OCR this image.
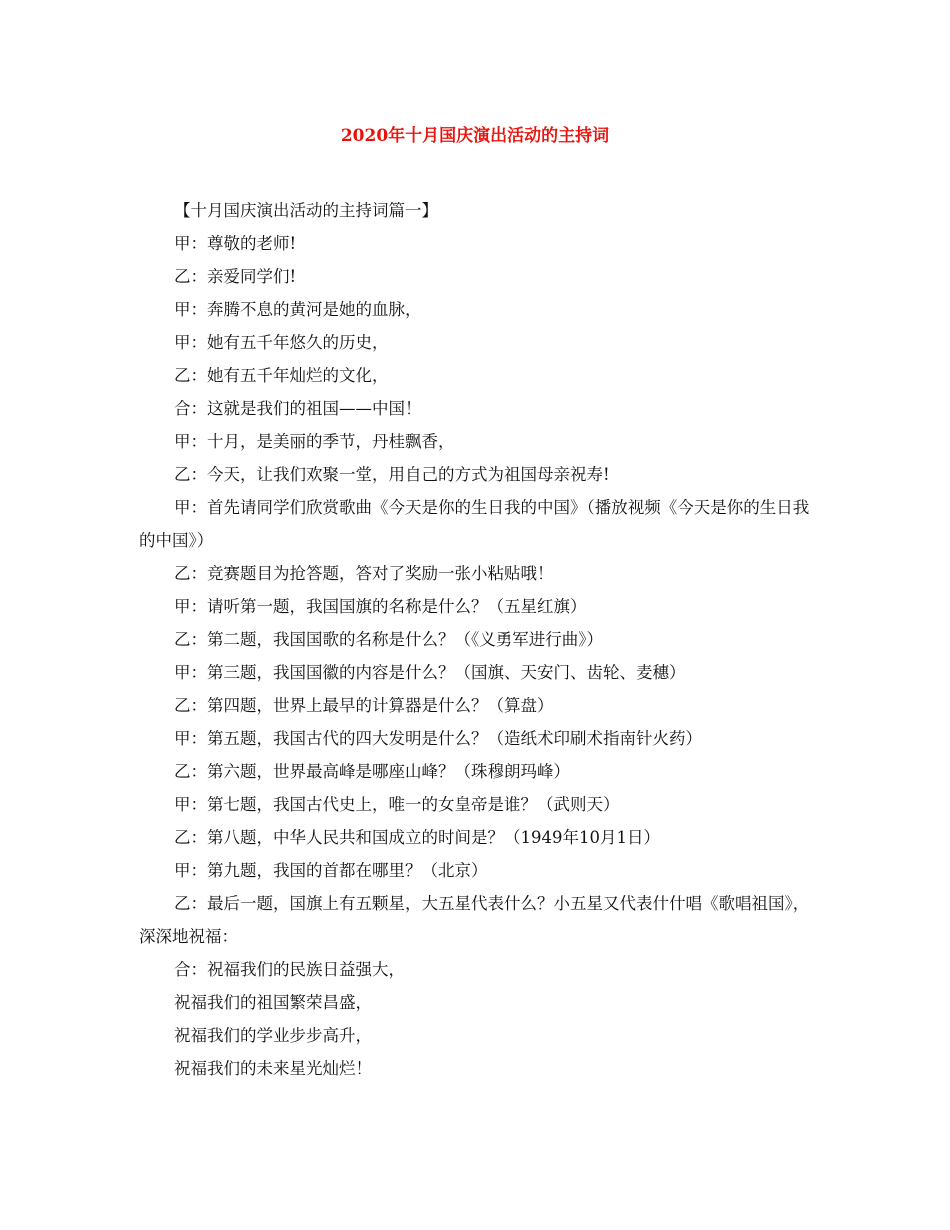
2020年十月国庆演出活动的主持词

【十月国庆演出活动的主持词篇一】

甲：尊敬的老师!

乙：亲爱同学们!

甲：奔腾不息的黄河是她的血脉，

甲：她有五千年悠久的历史，

乙：她有五千年灿烂的文化，

合：这就是我们的祖国——中国！

甲：十月，是美丽的季节，丹桂飘香，

乙：今天，让我们欢聚一堂，用自己的方式为祖国母亲祝寿!

甲：首先请同学们欣赏歌曲《今天是你的生日我的中国》（播放视频《今天是你的生日我的中国》）

乙：竞赛题目为抢答题，答对了奖励一张小粘贴哦！

甲：请听第一题，我国国旗的名称是什么？（五星红旗）

乙：第二题，我国国歌的名称是什么？（《义勇军进行曲》）

甲：第三题，我国国徽的内容是什么？（国旗、天安门、齿轮、麦穗）

乙：第四题，世界上最早的计算器是什么？（算盘）

甲：第五题，我国古代的四大发明是什么？（造纸术印刷术指南针火药）

乙：第六题，世界最高峰是哪座山峰？（珠穆朗玛峰）

甲：第七题，我国古代史上，唯一的女皇帝是谁？（武则天）

乙：第八题，中华人民共和国成立的时间是？（1949年10月1日）

甲：第九题，我国的首都在哪里？（北京）

乙：最后一题，国旗上有五颗星，大五星代表什么？小五星又代表什什唱《歌唱祖国》，深深地祝福：

合：祝福我们的民族日益强大，

祝福我们的祖国繁荣昌盛，

祝福我们的学业步步高升，

祝福我们的未来星光灿烂！
